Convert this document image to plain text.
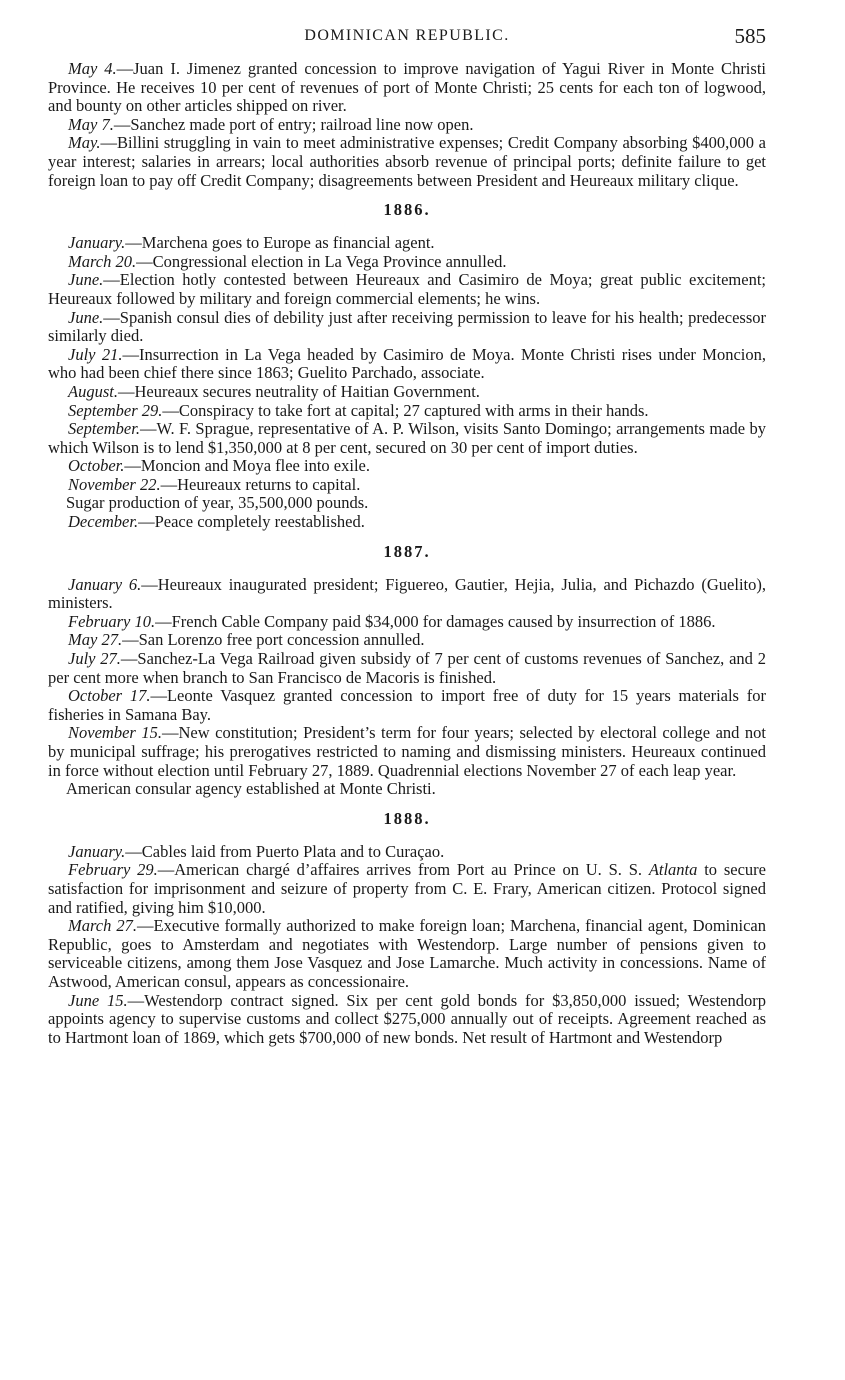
DOMINICAN REPUBLIC.	585

May 4.—Juan I. Jimenez granted concession to improve navigation of Yagui River in Monte Christi Province. He receives 10 per cent of revenues of port of Monte Christi; 25 cents for each ton of logwood, and bounty on other articles shipped on river.

May 7.—Sanchez made port of entry; railroad line now open.

May.—Billini struggling in vain to meet administrative expenses; Credit Company absorbing $400,000 a year interest; salaries in arrears; local authorities absorb revenue of principal ports; definite failure to get foreign loan to pay off Credit Company; disagreements between President and Heureaux military clique.

1886.

January.—Marchena goes to Europe as financial agent.

March 20.—Congressional election in La Vega Province annulled.

June.—Election hotly contested between Heureaux and Casimiro de Moya; great public excitement; Heureaux followed by military and foreign commercial elements; he wins.

June.—Spanish consul dies of debility just after receiving permission to leave for his health; predecessor similarly died.

July 21.—Insurrection in La Vega headed by Casimiro de Moya. Monte Christi rises under Moncion, who had been chief there since 1863; Guelito Parchado, associate.

August.—Heureaux secures neutrality of Haitian Government.

September 29.—Conspiracy to take fort at capital; 27 captured with arms in their hands.

September.—W. F. Sprague, representative of A. P. Wilson, visits Santo Domingo; arrangements made by which Wilson is to lend $1,350,000 at 8 per cent, secured on 30 per cent of import duties.

October.—Moncion and Moya flee into exile.

November 22.—Heureaux returns to capital.

Sugar production of year, 35,500,000 pounds.

December.—Peace completely reestablished.

1887.

January 6.—Heureaux inaugurated president; Figuereo, Gautier, Hejia, Julia, and Pichazdo (Guelito), ministers.

February 10.—French Cable Company paid $34,000 for damages caused by insurrection of 1886.

May 27.—San Lorenzo free port concession annulled.

July 27.—Sanchez-La Vega Railroad given subsidy of 7 per cent of customs revenues of Sanchez, and 2 per cent more when branch to San Francisco de Macoris is finished.

October 17.—Leonte Vasquez granted concession to import free of duty for 15 years materials for fisheries in Samana Bay.

November 15.—New constitution; President’s term for four years; selected by electoral college and not by municipal suffrage; his prerogatives restricted to naming and dismissing ministers. Heureaux continued in force without election until February 27, 1889. Quadrennial elections November 27 of each leap year.

American consular agency established at Monte Christi.

1888.

January.—Cables laid from Puerto Plata and to Curaçao.

February 29.—American chargé d’affaires arrives from Port au Prince on U. S. S. Atlanta to secure satisfaction for imprisonment and seizure of property from C. E. Frary, American citizen. Protocol signed and ratified, giving him $10,000.

March 27.—Executive formally authorized to make foreign loan; Marchena, financial agent, Dominican Republic, goes to Amsterdam and negotiates with Westendorp. Large number of pensions given to serviceable citizens, among them Jose Vasquez and Jose Lamarche. Much activity in concessions. Name of Astwood, American consul, appears as concessionaire.

June 15.—Westendorp contract signed. Six per cent gold bonds for $3,850,000 issued; Westendorp appoints agency to supervise customs and collect $275,000 annually out of receipts. Agreement reached as to Hartmont loan of 1869, which gets $700,000 of new bonds. Net result of Hartmont and Westendorp
